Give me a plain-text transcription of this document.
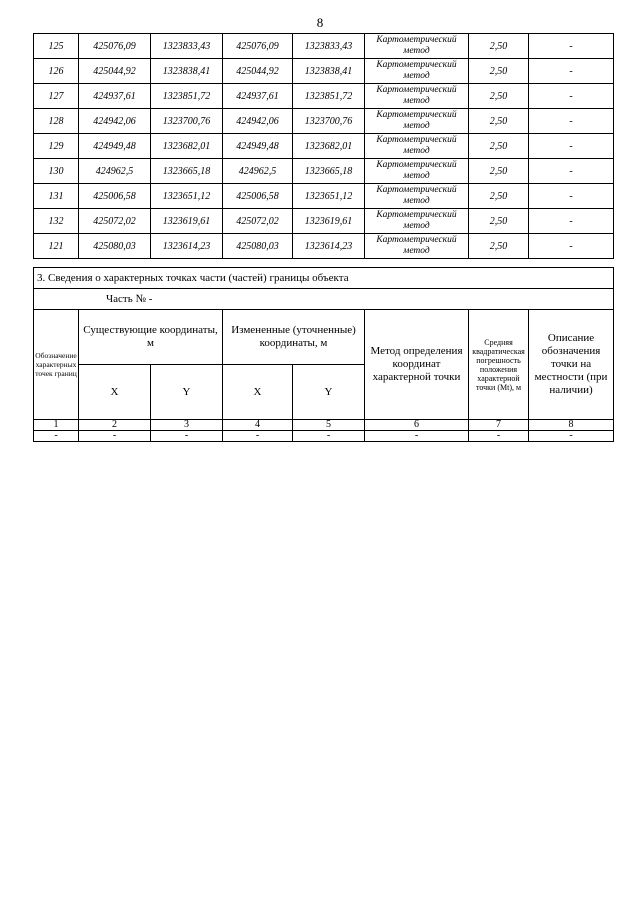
8
125	425076,09	1323833,43	425076,09	1323833,43	Картометрический метод	2,50	-
126	425044,92	1323838,41	425044,92	1323838,41	Картометрический метод	2,50	-
127	424937,61	1323851,72	424937,61	1323851,72	Картометрический метод	2,50	-
128	424942,06	1323700,76	424942,06	1323700,76	Картометрический метод	2,50	-
129	424949,48	1323682,01	424949,48	1323682,01	Картометрический метод	2,50	-
130	424962,5	1323665,18	424962,5	1323665,18	Картометрический метод	2,50	-
131	425006,58	1323651,12	425006,58	1323651,12	Картометрический метод	2,50	-
132	425072,02	1323619,61	425072,02	1323619,61	Картометрический метод	2,50	-
121	425080,03	1323614,23	425080,03	1323614,23	Картометрический метод	2,50	-
3. Сведения о характерных точках части (частей) границы объекта							
Часть № -							
Обозначение характерных точек границ	Существующие координаты, м		Измененные (уточненные) координаты, м		Метод определения координат характерной точки	Средняя квадратическая погрешность положения характерной точки (Mt), м	Описание обозначения точки на местности (при наличии)
	X	Y	X	Y			
1	2	3	4	5	6	7	8
-	-	-	-	-	-	-	-
